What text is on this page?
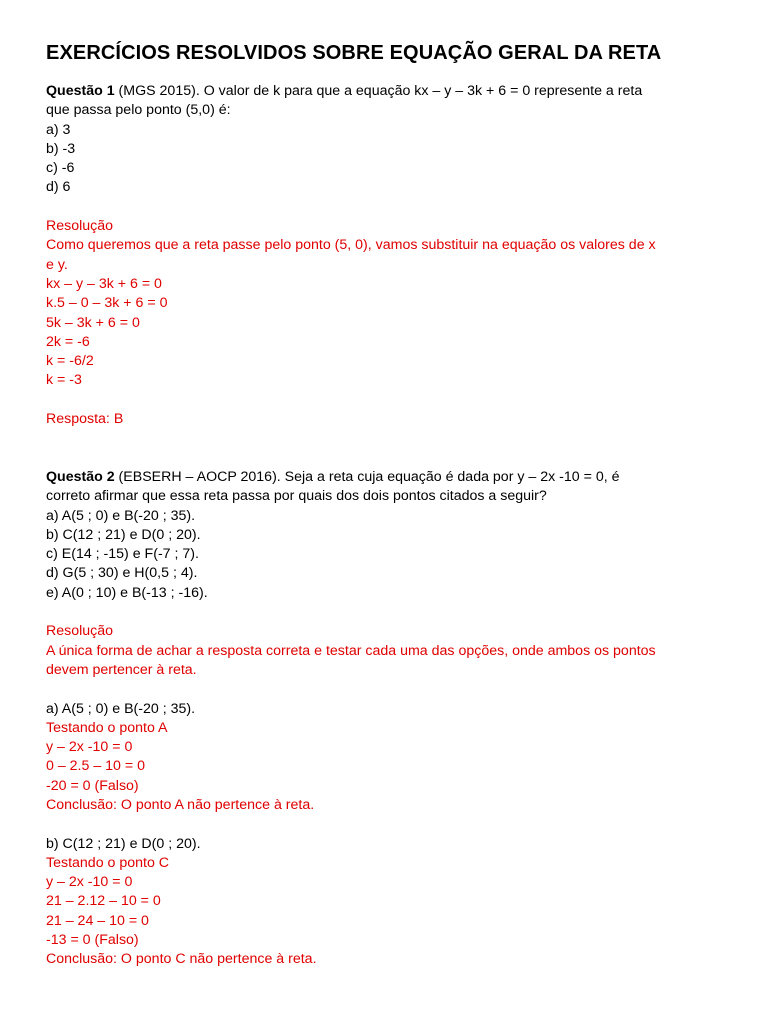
EXERCÍCIOS RESOLVIDOS SOBRE EQUAÇÃO GERAL DA RETA
Questão 1 (MGS 2015). O valor de k para que a equação kx – y – 3k + 6 = 0 represente a reta
que passa pelo ponto (5,0) é:
a) 3
b) -3
c) -6
d) 6
Resolução
Como queremos que a reta passe pelo ponto (5, 0), vamos substituir na equação os valores de x
e y.
kx – y – 3k + 6 = 0
k.5 – 0 – 3k + 6 = 0
5k – 3k + 6 = 0
2k = -6
k = -6/2
k = -3
Resposta: B
Questão 2 (EBSERH – AOCP 2016). Seja a reta cuja equação é dada por y – 2x -10 = 0, é
correto afirmar que essa reta passa por quais dos dois pontos citados a seguir?
a) A(5 ; 0) e B(-20 ; 35).
b) C(12 ; 21) e D(0 ; 20).
c) E(14 ; -15) e F(-7 ; 7).
d) G(5 ; 30) e H(0,5 ; 4).
e) A(0 ; 10) e B(-13 ; -16).
Resolução
A única forma de achar a resposta correta e testar cada uma das opções, onde ambos os pontos
devem pertencer à reta.
a) A(5 ; 0) e B(-20 ; 35).
Testando o ponto A
y – 2x -10 = 0
0 – 2.5 – 10 = 0
-20 = 0 (Falso)
Conclusão: O ponto A não pertence à reta.
b) C(12 ; 21) e D(0 ; 20).
Testando o ponto C
y – 2x -10 = 0
21 – 2.12 – 10 = 0
21 – 24 – 10 = 0
-13 = 0 (Falso)
Conclusão: O ponto C não pertence à reta.
